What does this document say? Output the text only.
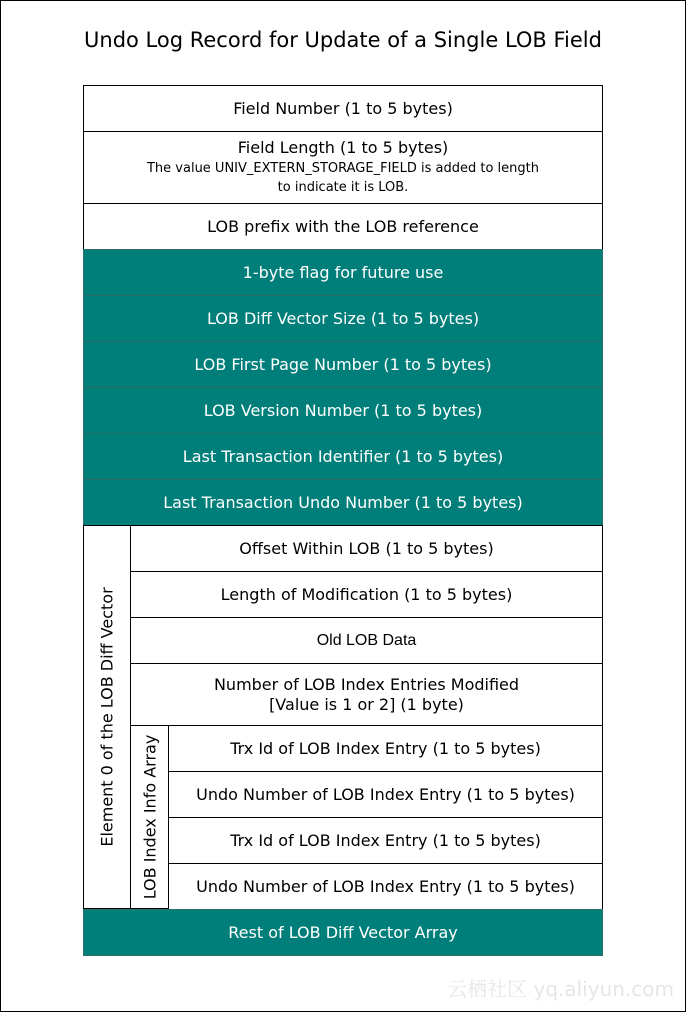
Undo Log Record for Update of a Single LOB Field
Field Number (1 to 5 bytes)
Field Length (1 to 5 bytes)
The value UNIV_EXTERN_STORAGE_FIELD is added to length
to indicate it is LOB.
LOB prefix with the LOB reference
1-byte flag for future use
LOB Diff Vector Size (1 to 5 bytes)
LOB First Page Number (1 to 5 bytes)
LOB Version Number (1 to 5 bytes)
Last Transaction Identifier (1 to 5 bytes)
Last Transaction Undo Number (1 to 5 bytes)
Element 0 of the LOB Diff Vector
Offset Within LOB (1 to 5 bytes)
Length of Modification (1 to 5 bytes)
Old LOB Data
Number of LOB Index Entries Modified
[Value is 1 or 2] (1 byte)
LOB Index Info Array	Trx Id of LOB Index Entry (1 to 5 bytes)
Undo Number of LOB Index Entry (1 to 5 bytes)
Trx Id of LOB Index Entry (1 to 5 bytes)
Undo Number of LOB Index Entry (1 to 5 bytes)
Rest of LOB Diff Vector Array
云栖社区 yq.aliyun.com
